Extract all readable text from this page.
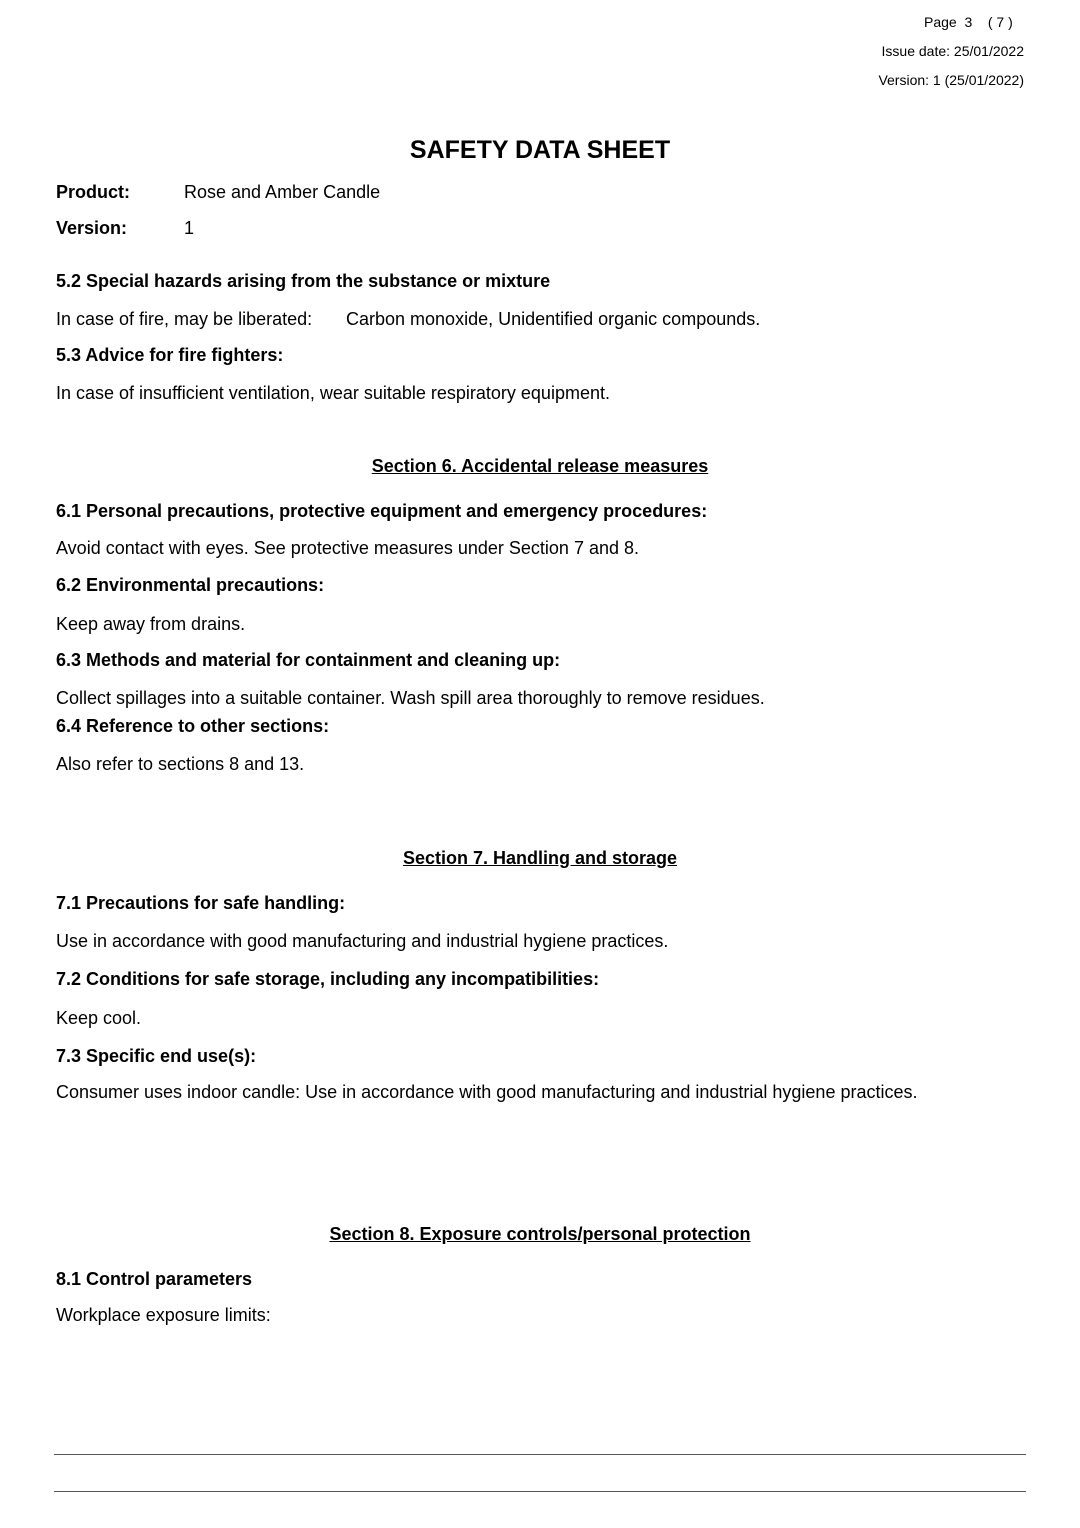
Page 3 ( 7 )
Issue date: 25/01/2022
Version: 1 (25/01/2022)
SAFETY DATA SHEET
Product:	Rose and Amber Candle
Version:	1
5.2 Special hazards arising from the substance or mixture
In case of fire, may be liberated: Carbon monoxide, Unidentified organic compounds.
5.3 Advice for fire fighters:
In case of insufficient ventilation, wear suitable respiratory equipment.
Section 6. Accidental release measures
6.1 Personal precautions, protective equipment and emergency procedures:
Avoid contact with eyes. See protective measures under Section 7 and 8.
6.2 Environmental precautions:
Keep away from drains.
6.3 Methods and material for containment and cleaning up:
Collect spillages into a suitable container. Wash spill area thoroughly to remove residues.
6.4 Reference to other sections:
Also refer to sections 8 and 13.
Section 7. Handling and storage
7.1 Precautions for safe handling:
Use in accordance with good manufacturing and industrial hygiene practices.
7.2 Conditions for safe storage, including any incompatibilities:
Keep cool.
7.3 Specific end use(s):
Consumer uses indoor candle: Use in accordance with good manufacturing and industrial hygiene practices.
Section 8. Exposure controls/personal protection
8.1 Control parameters
Workplace exposure limits:
